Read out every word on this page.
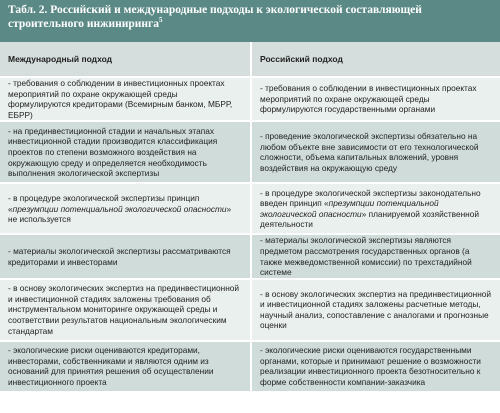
Табл. 2. Российский и международные подходы к экологической составляющей строительного инжиниринга$^5$
Международный подход	Российский подход

- требования о соблюдении в инвестиционных проектах мероприятий по охране окружающей среды формулируются кредиторами (Всемирным банком, МБРР, ЕБРР)	- требования о соблюдении в инвестиционных проектах мероприятий по охране окружающей среды формулируются государственными органами

- на прединвестиционной стадии и начальных этапах инвестиционной стадии производится классификация проектов по степени возможного воздействия на окружающую среду и определяется необходимость выполнения экологической экспертизы	- проведение экологической экспертизы обязательно на любом объекте вне зависимости от его технологической сложности, объема капитальных вложений, уровня воздействия на окружающую среду

- в процедуре экологической экспертизы принцип «презумпции потенциальной экологической опасности» не используется	- в процедуре экологической экспертизы законодательно введен принцип «презумпции потенциальной экологической опасности» планируемой хозяйственной деятельности

- материалы экологической экспертизы рассматриваются кредиторами и инвесторами	- материалы экологической экспертизы являются предметом рассмотрения государственных органов (а также межведомственной комиссии) по трехстадийной системе

- в основу экологических экспертиз на прединвестиционной и инвестиционной стадиях заложены требования об инструментальном мониторинге окружающей среды и соответствии результатов национальным экологическим стандартам	- в основу экологических экспертиз на прединвестиционной и инвестиционной стадиях заложены расчетные методы, научный анализ, сопоставление с аналогами и прогнозные оценки

- экологические риски оцениваются кредиторами, инвесторами, собственниками и являются одним из оснований для принятия решения об осуществлении инвестиционного проекта	- экологические риски оцениваются государственными органами, которые и принимают решение о возможности реализации инвестиционного проекта безотносительно к форме собственности компании-заказчика
